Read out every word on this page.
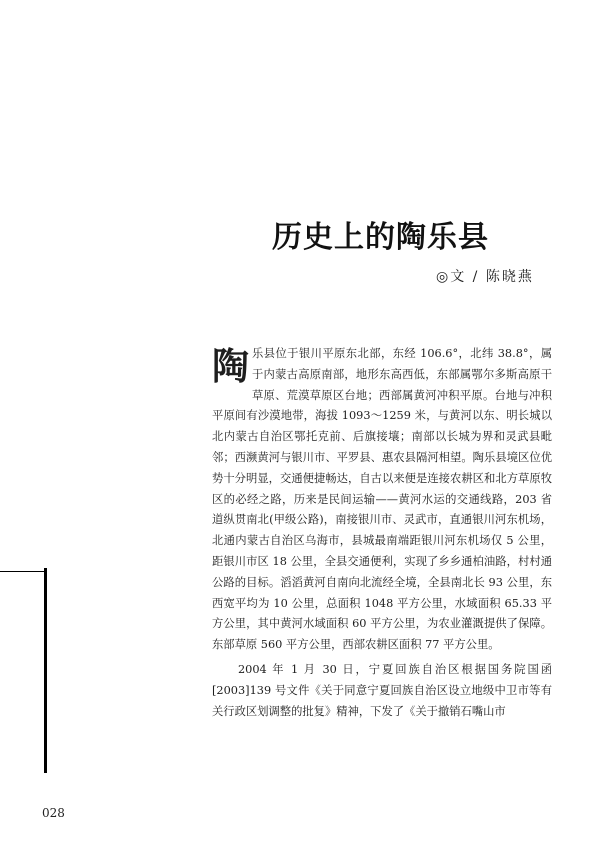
历史上的陶乐县
◎文 / 陈晓燕

陶乐县位于银川平原东北部，东经 106.6°，北纬 38.8°，属于内蒙古高原南部，地形东高西低，东部属鄂尔多斯高原干草原、荒漠草原区台地；西部属黄河冲积平原。台地与冲积平原间有沙漠地带，海拔 1093～1259 米，与黄河以东、明长城以北内蒙古自治区鄂托克前、后旗接壤；南部以长城为界和灵武县毗邻；西濒黄河与银川市、平罗县、惠农县隔河相望。陶乐县境区位优势十分明显，交通便捷畅达，自古以来便是连接农耕区和北方草原牧区的必经之路，历来是民间运输——黄河水运的交通线路，203 省道纵贯南北(甲级公路)，南接银川市、灵武市，直通银川河东机场，北通内蒙古自治区乌海市，县城最南端距银川河东机场仅 5 公里，距银川市区 18 公里，全县交通便利，实现了乡乡通柏油路，村村通公路的目标。滔滔黄河自南向北流经全境，全县南北长 93 公里，东西宽平均为 10 公里，总面积 1048 平方公里，水域面积 65.33 平方公里，其中黄河水域面积 60 平方公里，为农业灌溉提供了保障。东部草原 560 平方公里，西部农耕区面积 77 平方公里。

2004 年 1 月 30 日，宁夏回族自治区根据国务院国函[2003]139 号文件《关于同意宁夏回族自治区设立地级中卫市等有关行政区划调整的批复》精神，下发了《关于撤销石嘴山市

028
